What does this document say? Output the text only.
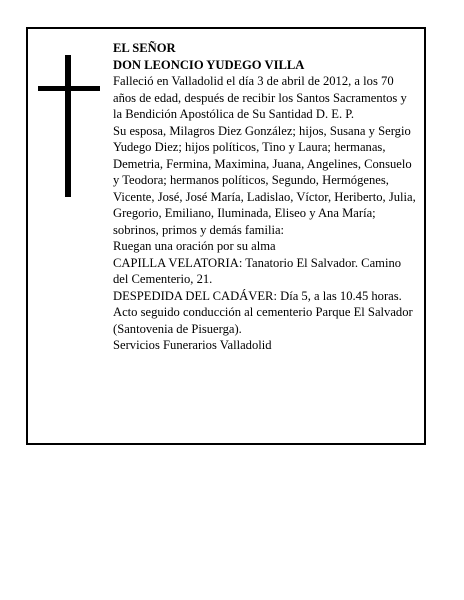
EL SEÑOR

DON LEONCIO YUDEGO VILLA

Falleció en Valladolid el día 3 de abril de 2012, a los 70 años de edad, después de recibir los Santos Sacramentos y la Bendición Apostólica de Su Santidad D. E. P.

Su esposa, Milagros Diez González; hijos, Susana y Sergio Yudego Diez; hijos políticos, Tino y Laura; hermanas, Demetria, Fermina, Maximina, Juana, Angelines, Consuelo y Teodora; hermanos políticos, Segundo, Hermógenes, Vicente, José, José María, Ladislao, Víctor, Heriberto, Julia, Gregorio, Emiliano, Iluminada, Eliseo y Ana María; sobrinos, primos y demás familia:

Ruegan una oración por su alma

CAPILLA VELATORIA: Tanatorio El Salvador. Camino del Cementerio, 21.

DESPEDIDA DEL CADÁVER: Día 5, a las 10.45 horas. Acto seguido conducción al cementerio Parque El Salvador (Santovenia de Pisuerga).

Servicios Funerarios Valladolid
